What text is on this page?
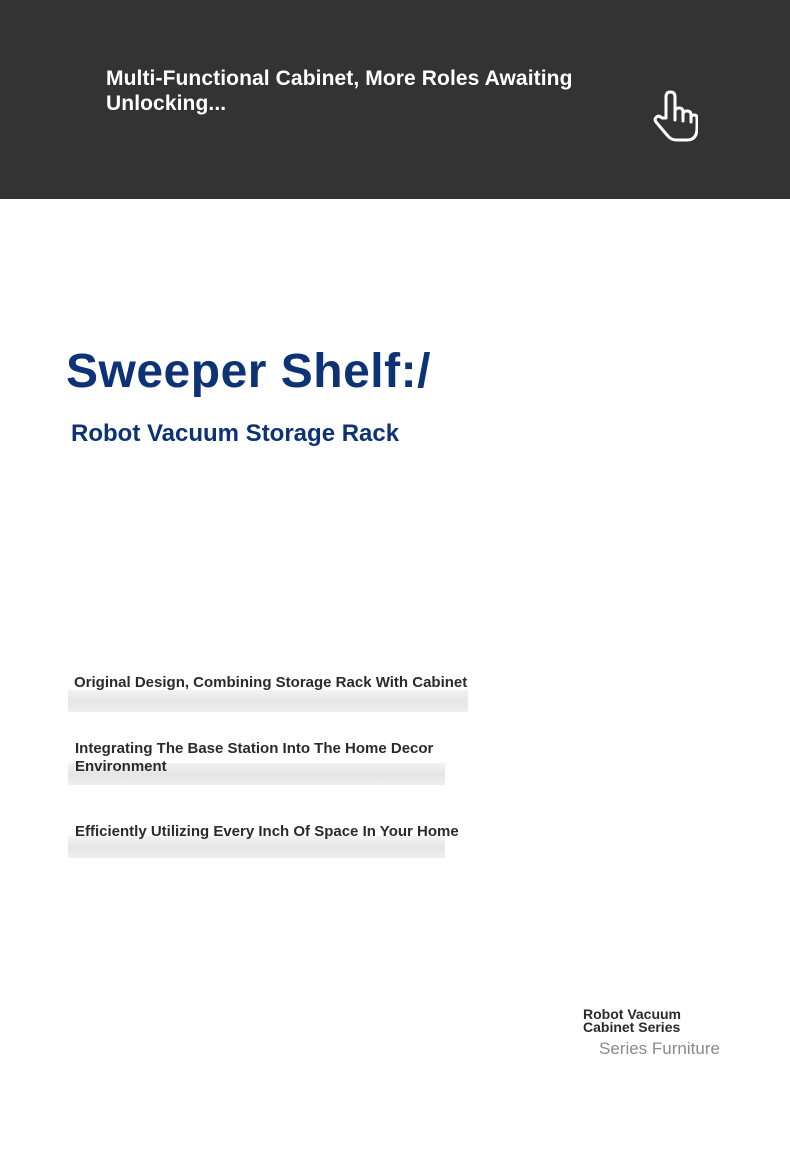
Multi-Functional Cabinet, More Roles Awaiting Unlocking...
Sweeper Shelf:/
Robot Vacuum Storage Rack
Original Design, Combining Storage Rack With Cabinet
Integrating The Base Station Into The Home Decor Environment
Efficiently Utilizing Every Inch Of Space In Your Home
Robot Vacuum Cabinet Series
Series Furniture
